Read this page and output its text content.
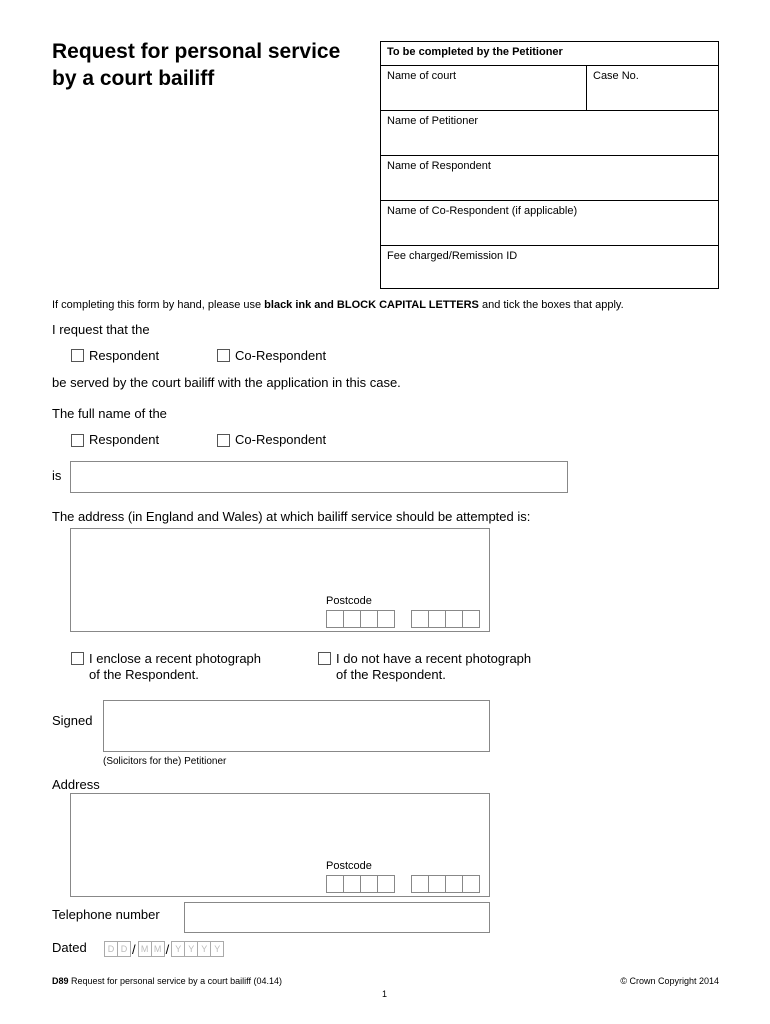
Request for personal service
by a court bailiff
To be completed by the Petitioner
Name of court	Case No.
Name of Petitioner
Name of Respondent
Name of Co-Respondent (if applicable)
Fee charged/Remission ID
If completing this form by hand, please use black ink and BLOCK CAPITAL LETTERS and tick the boxes that apply.
I request that the
Respondent	Co-Respondent
be served by the court bailiff with the application in this case.
The full name of the
Respondent	Co-Respondent
is
The address (in England and Wales) at which bailiff service should be attempted is:
Postcode
I enclose a recent photograph
of the Respondent.
I do not have a recent photograph
of the Respondent.
Signed
(Solicitors for the) Petitioner
Address
Postcode
Telephone number
Dated	D D / M M / Y Y Y Y
D89 Request for personal service by a court bailiff (04.14)	© Crown Copyright 2014
1
